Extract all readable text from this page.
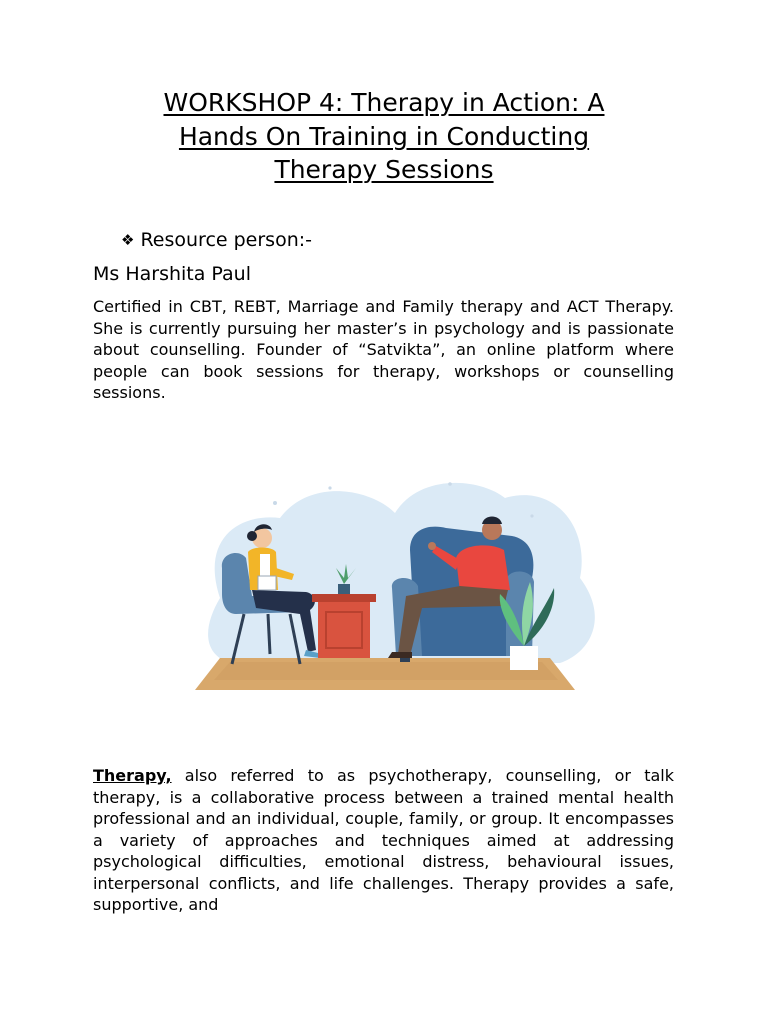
WORKSHOP 4: Therapy in Action: A
Hands On Training in Conducting
Therapy Sessions
❖ Resource person:-
Ms Harshita Paul

Certified in CBT, REBT, Marriage and Family therapy and ACT Therapy. She is currently pursuing her master’s in psychology and is passionate about counselling. Founder of “Satvikta”, an online platform where people can book sessions for therapy, workshops or counselling sessions.

Therapy, also referred to as psychotherapy, counselling, or talk therapy, is a collaborative process between a trained mental health professional and an individual, couple, family, or group. It encompasses a variety of approaches and techniques aimed at addressing psychological difficulties, emotional distress, behavioural issues, interpersonal conflicts, and life challenges. Therapy provides a safe, supportive, and
